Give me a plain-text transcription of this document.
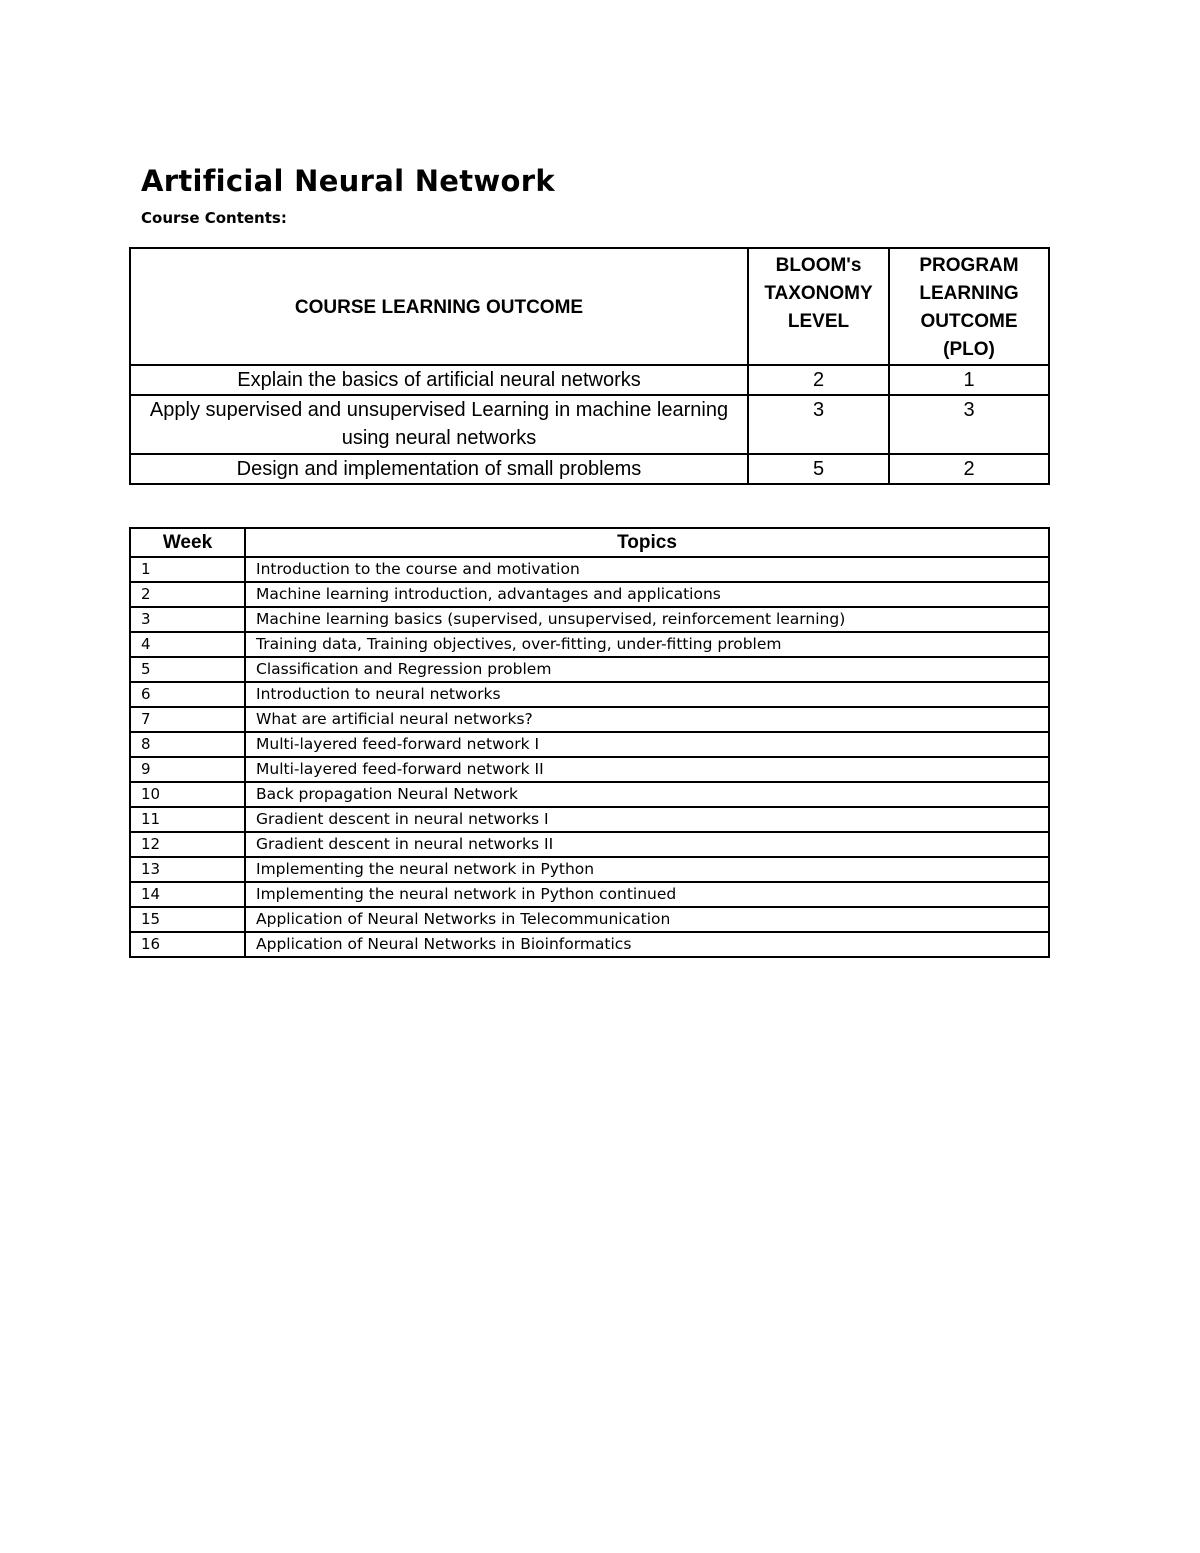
Artificial Neural Network
Course Contents:
COURSE LEARNING OUTCOME	BLOOM's TAXONOMY LEVEL	PROGRAM LEARNING OUTCOME (PLO)
Explain the basics of artificial neural networks	2	1
Apply supervised and unsupervised Learning in machine learning using neural networks	3	3
Design and implementation of small problems	5	2
Week	Topics
1	Introduction to the course and motivation
2	Machine learning introduction, advantages and applications
3	Machine learning basics (supervised, unsupervised, reinforcement learning)
4	Training data, Training objectives, over-fitting, under-fitting problem
5	Classification and Regression problem
6	Introduction to neural networks
7	What are artificial neural networks?
8	Multi-layered feed-forward network I
9	Multi-layered feed-forward network II
10	Back propagation Neural Network
11	Gradient descent in neural networks I
12	Gradient descent in neural networks II
13	Implementing the neural network in Python
14	Implementing the neural network in Python continued
15	Application of Neural Networks in Telecommunication
16	Application of Neural Networks in Bioinformatics
